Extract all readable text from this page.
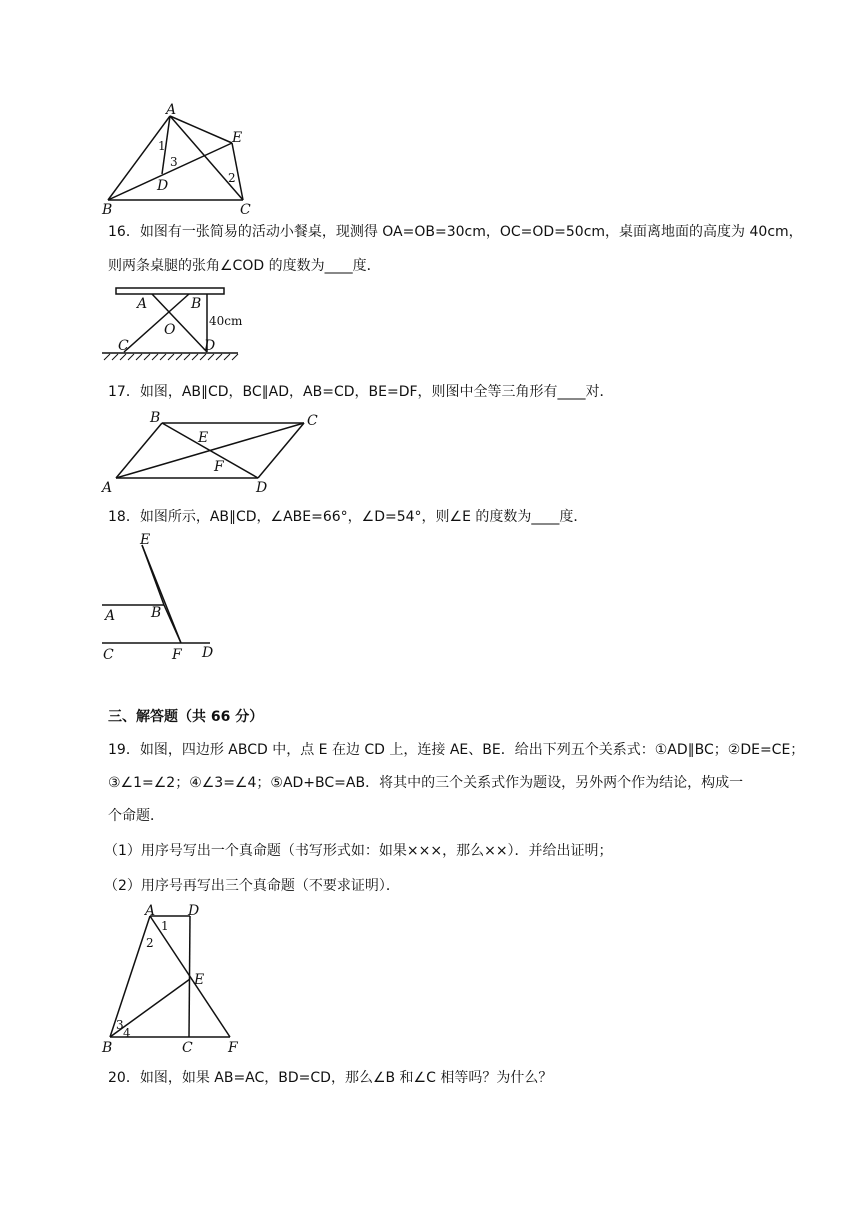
A
E
B	C
D
1
2
3
16．如图有一张简易的活动小餐桌，现测得 OA=OB=30cm，OC=OD=50cm，桌面离地面的高度为 40cm，
则两条桌腿的张角∠COD 的度数为____度．
A	B
O
C	D
40cm
17．如图，AB∥CD，BC∥AD，AB=CD，BE=DF，则图中全等三角形有____对．
B	C
E
F
A	D
18．如图所示，AB∥CD，∠ABE=66°，∠D=54°，则∠E 的度数为____度．
E
A	B
C	F D
三、解答题（共 66 分）
19．如图，四边形 ABCD 中，点 E 在边 CD 上，连接 AE、BE．给出下列五个关系式：①AD∥BC；②DE=CE；
③∠1=∠2；④∠3=∠4；⑤AD+BC=AB．将其中的三个关系式作为题设，另外两个作为结论，构成一
个命题．
（1）用序号写出一个真命题（书写形式如：如果×××，那么××）．并给出证明；
（2）用序号再写出三个真命题（不要求证明）．
A D
E
B	C	F
1
2
3
4
20．如图，如果 AB=AC，BD=CD，那么∠B 和∠C 相等吗？为什么？
